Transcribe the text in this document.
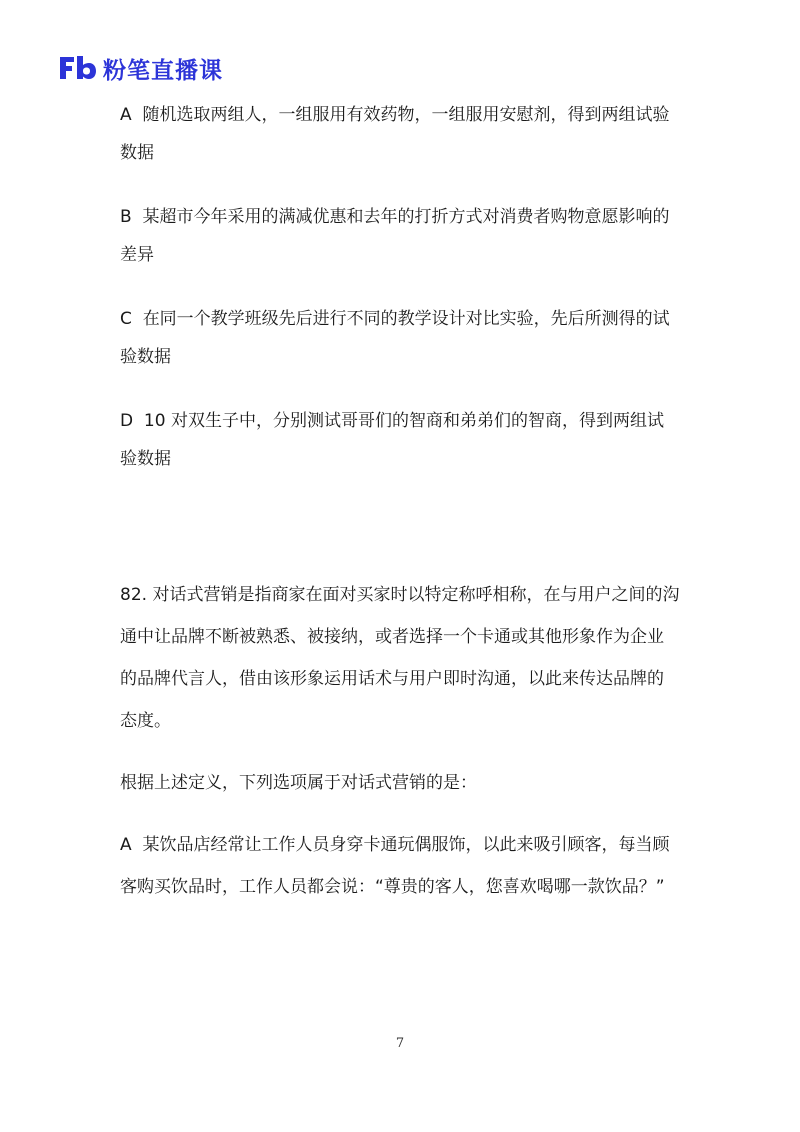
粉笔直播课

A 随机选取两组人，一组服用有效药物，一组服用安慰剂，得到两组试验数据

B 某超市今年采用的满减优惠和去年的打折方式对消费者购物意愿影响的差异

C 在同一个教学班级先后进行不同的教学设计对比实验，先后所测得的试验数据

D 10 对双生子中，分别测试哥哥们的智商和弟弟们的智商，得到两组试验数据

82. 对话式营销是指商家在面对买家时以特定称呼相称，在与用户之间的沟通中让品牌不断被熟悉、被接纳，或者选择一个卡通或其他形象作为企业的品牌代言人，借由该形象运用话术与用户即时沟通，以此来传达品牌的态度。

根据上述定义，下列选项属于对话式营销的是：

A 某饮品店经常让工作人员身穿卡通玩偶服饰，以此来吸引顾客，每当顾客购买饮品时，工作人员都会说：“尊贵的客人，您喜欢喝哪一款饮品？”

7
